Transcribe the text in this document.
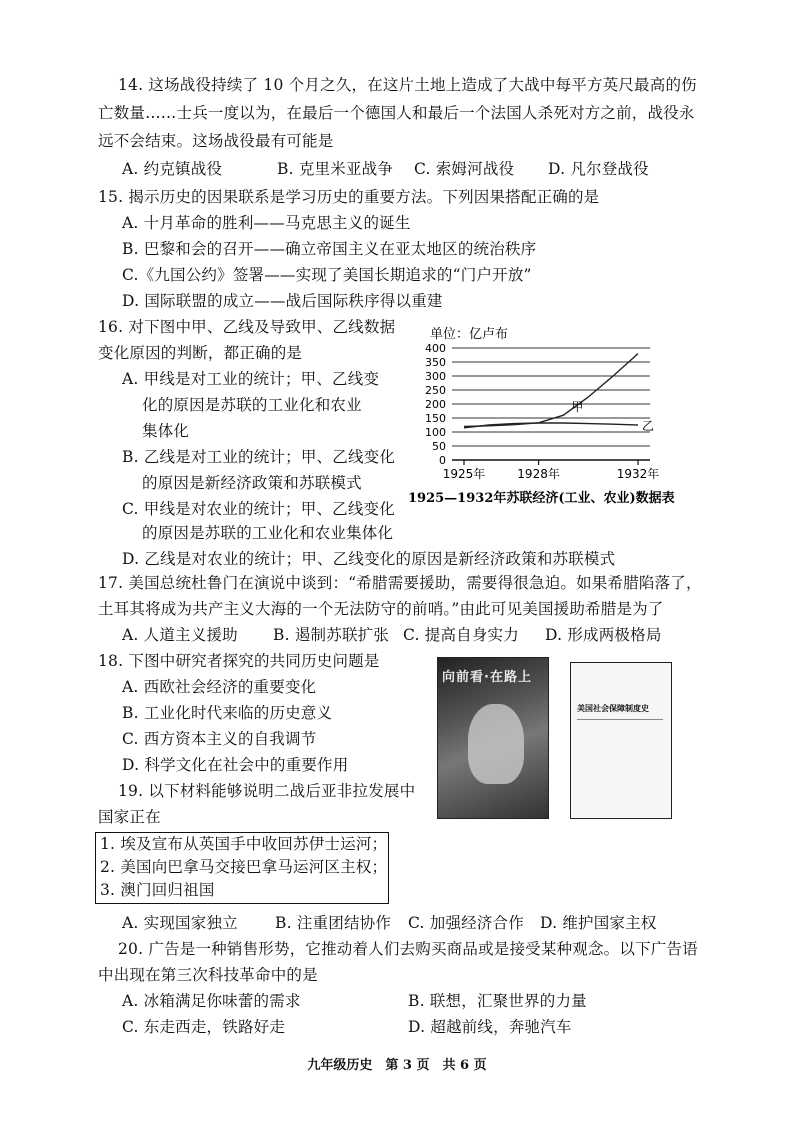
14. 这场战役持续了 10 个月之久，在这片土地上造成了大战中每平方英尺最高的伤
亡数量……士兵一度以为，在最后一个德国人和最后一个法国人杀死对方之前，战役永
远不会结束。这场战役最有可能是
A. 约克镇战役	B. 克里米亚战争 C. 索姆河战役 D. 凡尔登战役
15. 揭示历史的因果联系是学习历史的重要方法。下列因果搭配正确的是
A. 十月革命的胜利——马克思主义的诞生
B. 巴黎和会的召开——确立帝国主义在亚太地区的统治秩序
C.《九国公约》签署——实现了美国长期追求的“门户开放”
D. 国际联盟的成立——战后国际秩序得以重建
16. 对下图中甲、乙线及导致甲、乙线数据
变化原因的判断，都正确的是
A. 甲线是对工业的统计；甲、乙线变
化的原因是苏联的工业化和农业
集体化
B. 乙线是对工业的统计；甲、乙线变化
的原因是新经济政策和苏联模式
C. 甲线是对农业的统计；甲、乙线变化
的原因是苏联的工业化和农业集体化
D. 乙线是对农业的统计；甲、乙线变化的原因是新经济政策和苏联模式
单位：亿卢布
0
50
100
150
200
250
300
350
400
1925年	1928年	1932年
甲
乙
1925—1932年苏联经济(工业、农业)数据表
17. 美国总统杜鲁门在演说中谈到：“希腊需要援助，需要得很急迫。如果希腊陷落了，
土耳其将成为共产主义大海的一个无法防守的前哨。”由此可见美国援助希腊是为了
A. 人道主义援助 B. 遏制苏联扩张 C. 提高自身实力 D. 形成两极格局
18. 下图中研究者探究的共同历史问题是
A. 西欧社会经济的重要变化
B. 工业化时代来临的历史意义
C. 西方资本主义的自我调节
D. 科学文化在社会中的重要作用
向前看·在路上
美国社会保障制度史
19. 以下材料能够说明二战后亚非拉发展中
国家正在
1. 埃及宣布从英国手中收回苏伊士运河；
2. 美国向巴拿马交接巴拿马运河区主权；
3. 澳门回归祖国
A. 实现国家独立 B. 注重团结协作 C. 加强经济合作 D. 维护国家主权
20. 广告是一种销售形势，它推动着人们去购买商品或是接受某种观念。以下广告语
中出现在第三次科技革命中的是
A. 冰箱满足你味蕾的需求	B. 联想，汇聚世界的力量
C. 东走西走，铁路好走	D. 超越前线，奔驰汽车
九年级历史　第 3 页　共 6 页
